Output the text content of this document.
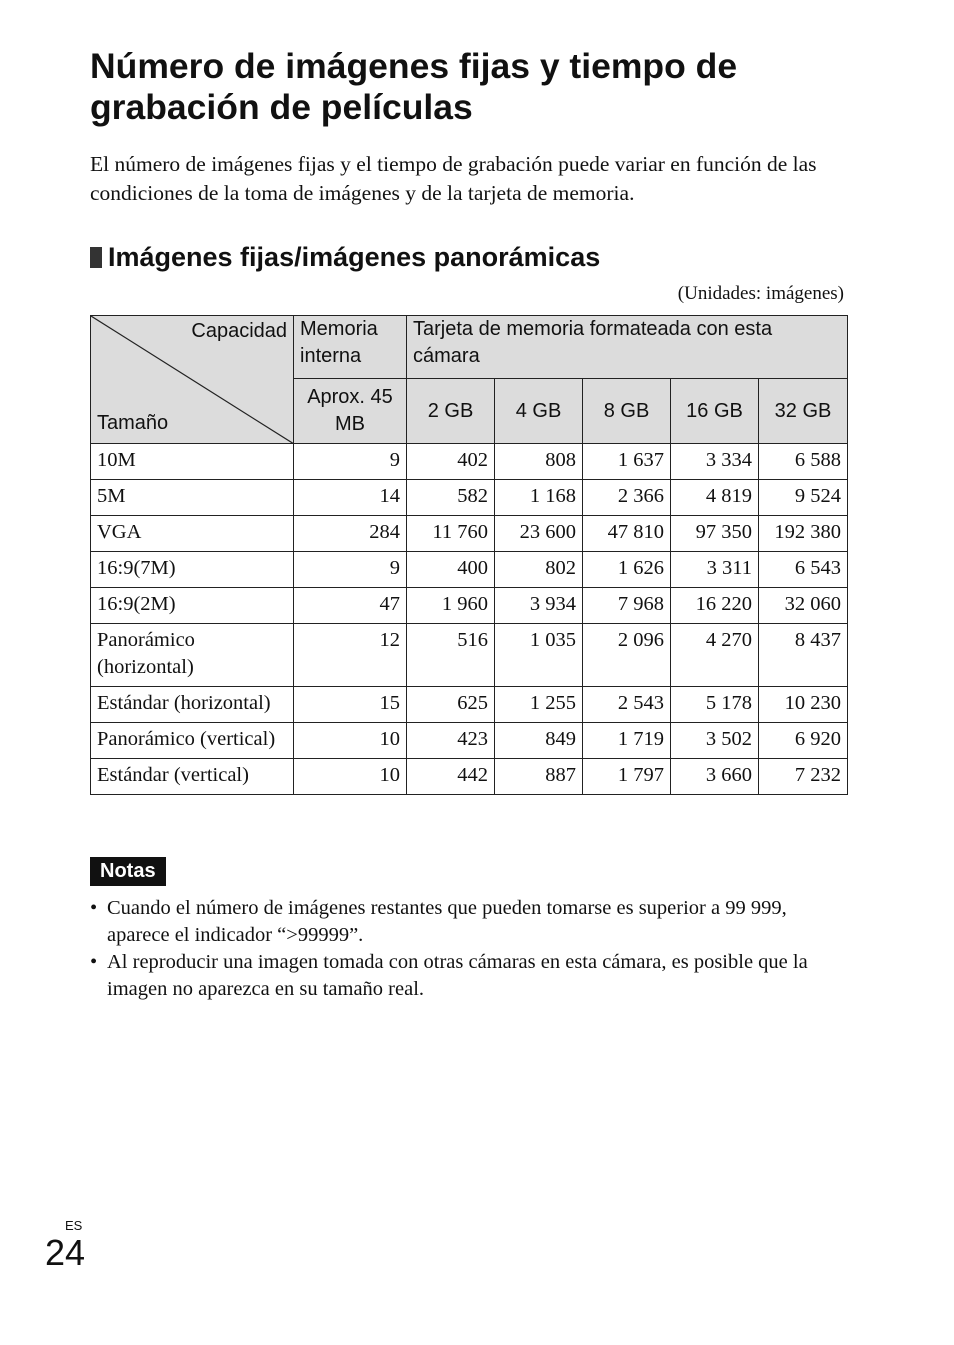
Número de imágenes fijas y tiempo de grabación de películas

El número de imágenes fijas y el tiempo de grabación puede variar en función de las condiciones de la toma de imágenes y de la tarjeta de memoria.

Imágenes fijas/imágenes panorámicas
(Unidades: imágenes)
Capacidad
Tamaño	Memoria interna	Tarjeta de memoria formateada con esta cámara				
	Aprox. 45 MB	2 GB	4 GB	8 GB	16 GB	32 GB
10M	9	402	808	1 637	3 334	6 588
5M	14	582	1 168	2 366	4 819	9 524
VGA	284	11 760	23 600	47 810	97 350	192 380
16:9(7M)	9	400	802	1 626	3 311	6 543
16:9(2M)	47	1 960	3 934	7 968	16 220	32 060
Panorámico (horizontal)	12	516	1 035	2 096	4 270	8 437
Estándar (horizontal)	15	625	1 255	2 543	5 178	10 230
Panorámico (vertical)	10	423	849	1 719	3 502	6 920
Estándar (vertical)	10	442	887	1 797	3 660	7 232
Notas
• Cuando el número de imágenes restantes que pueden tomarse es superior a 99 999, aparece el indicador “>99999”.
• Al reproducir una imagen tomada con otras cámaras en esta cámara, es posible que la imagen no aparezca en su tamaño real.
ES
24
